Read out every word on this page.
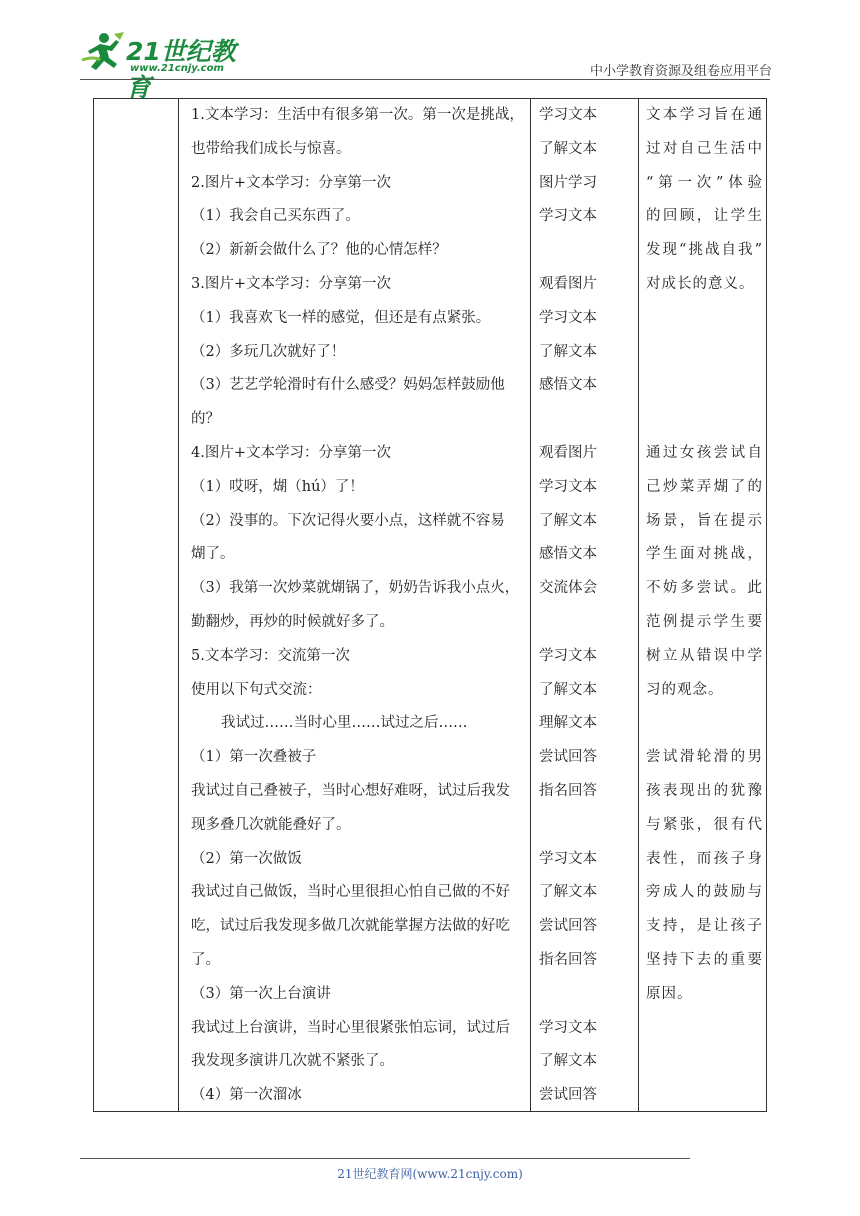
21世纪教育
www.21cnjy.com	中小学教育资源及组卷应用平台
1.文本学习：生活中有很多第一次。第一次是挑战，
也带给我们成长与惊喜。
2.图片+文本学习：分享第一次
（1）我会自己买东西了。
（2）新新会做什么了？他的心情怎样？
3.图片+文本学习：分享第一次
（1）我喜欢飞一样的感觉，但还是有点紧张。
（2）多玩几次就好了！
（3）艺艺学轮滑时有什么感受？妈妈怎样鼓励他
的？
4.图片+文本学习：分享第一次
（1）哎呀，煳（hú）了！
（2）没事的。下次记得火要小点，这样就不容易
煳了。
（3）我第一次炒菜就煳锅了，奶奶告诉我小点火，
勤翻炒，再炒的时候就好多了。
5.文本学习：交流第一次
使用以下句式交流：
我试过……当时心里……试过之后……
（1）第一次叠被子
我试过自己叠被子，当时心想好难呀，试过后我发
现多叠几次就能叠好了。
（2）第一次做饭
我试过自己做饭，当时心里很担心怕自己做的不好
吃，试过后我发现多做几次就能掌握方法做的好吃
了。
（3）第一次上台演讲
我试过上台演讲，当时心里很紧张怕忘词，试过后
我发现多演讲几次就不紧张了。
（4）第一次溜冰
学习文本
了解文本
图片学习
学习文本
观看图片
学习文本
了解文本
感悟文本
观看图片
学习文本
了解文本
感悟文本
交流体会
学习文本
了解文本
理解文本
尝试回答
指名回答
学习文本
了解文本
尝试回答
指名回答
学习文本
了解文本
尝试回答
文本学习旨在通
过对自己生活中
“第一次”体验
的回顾，让学生
发现“挑战自我”
对成长的意义。
通过女孩尝试自
己炒菜弄煳了的
场景，旨在提示
学生面对挑战，
不妨多尝试。此
范例提示学生要
树立从错误中学
习的观念。
尝试滑轮滑的男
孩表现出的犹豫
与紧张，很有代
表性，而孩子身
旁成人的鼓励与
支持，是让孩子
坚持下去的重要
原因。
21世纪教育网(www.21cnjy.com)
